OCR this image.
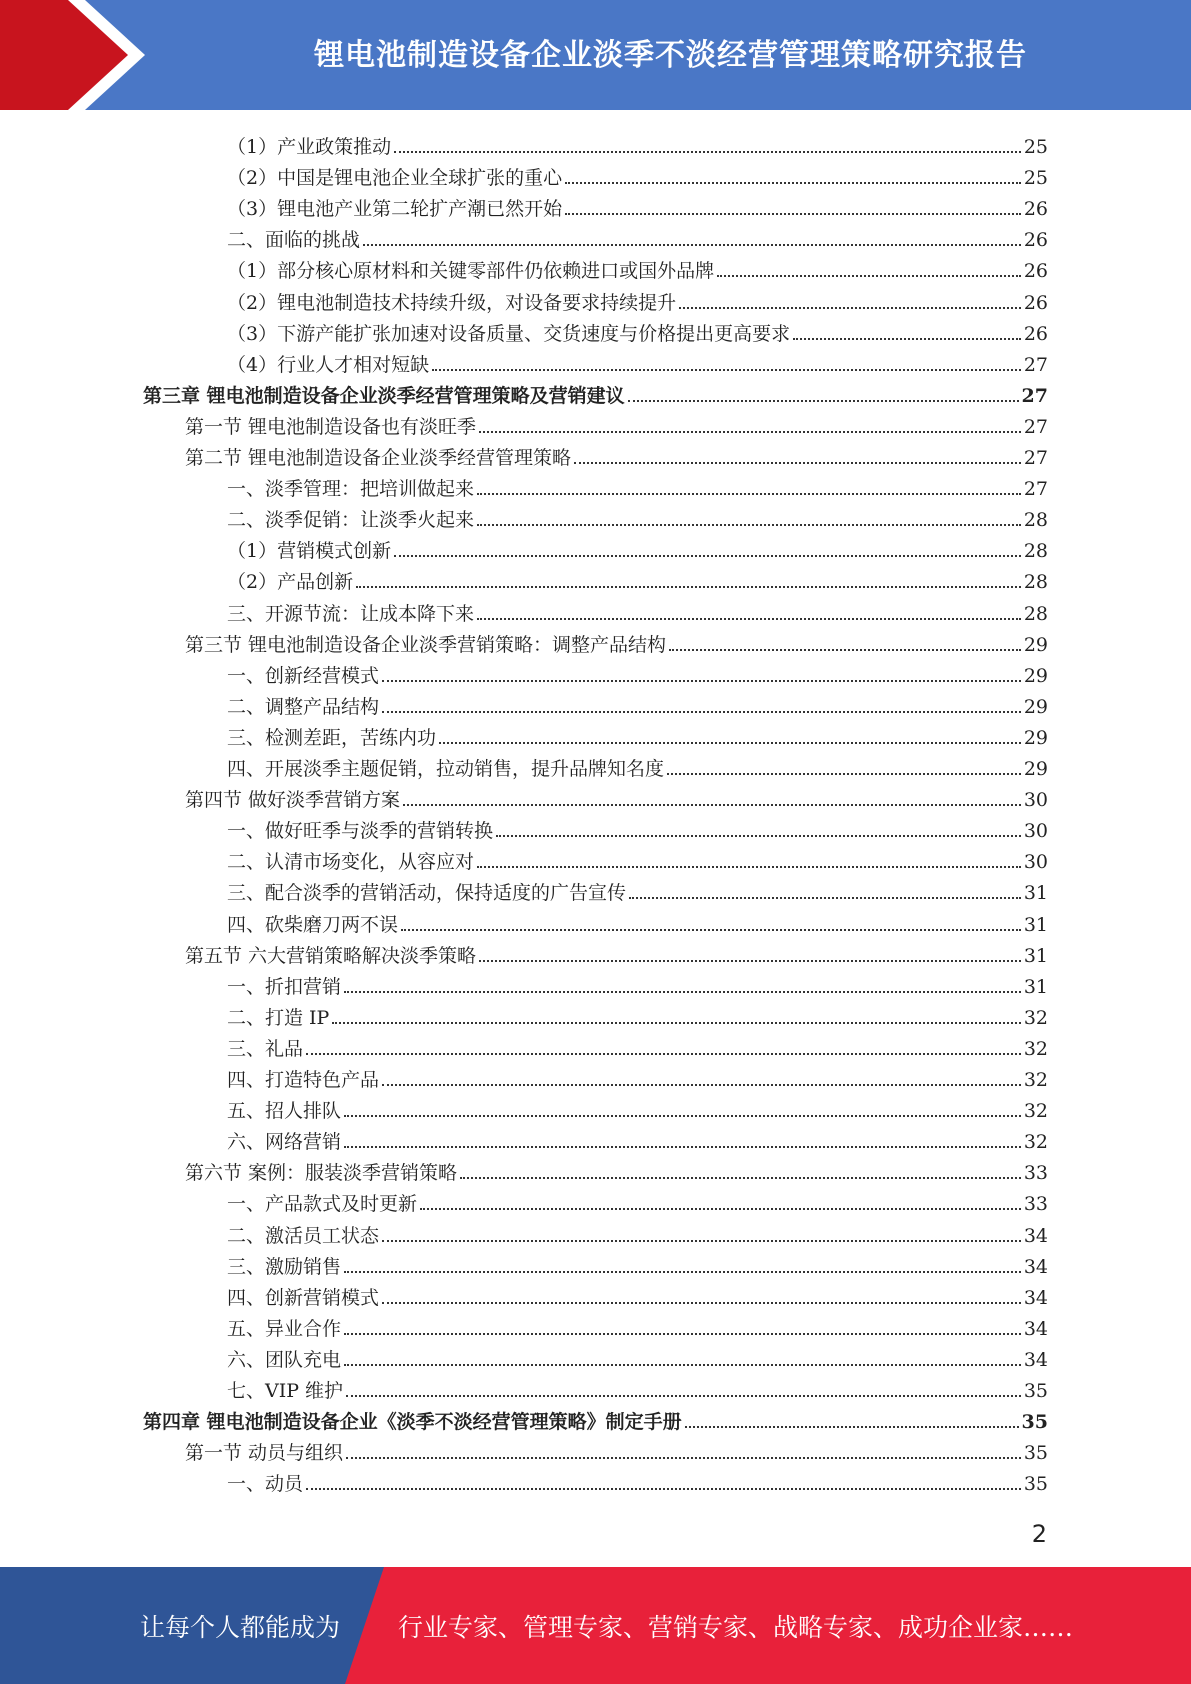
锂电池制造设备企业淡季不淡经营管理策略研究报告
（1）产业政策推动	25
（2）中国是锂电池企业全球扩张的重心	25
（3）锂电池产业第二轮扩产潮已然开始	26
二、面临的挑战	26
（1）部分核心原材料和关键零部件仍依赖进口或国外品牌	26
（2）锂电池制造技术持续升级，对设备要求持续提升	26
（3）下游产能扩张加速对设备质量、交货速度与价格提出更高要求	26
（4）行业人才相对短缺	27
第三章 锂电池制造设备企业淡季经营管理策略及营销建议	27
第一节 锂电池制造设备也有淡旺季	27
第二节 锂电池制造设备企业淡季经营管理策略	27
一、淡季管理：把培训做起来	27
二、淡季促销：让淡季火起来	28
（1）营销模式创新	28
（2）产品创新	28
三、开源节流：让成本降下来	28
第三节 锂电池制造设备企业淡季营销策略：调整产品结构	29
一、创新经营模式	29
二、调整产品结构	29
三、检测差距，苦练内功	29
四、开展淡季主题促销，拉动销售，提升品牌知名度	29
第四节 做好淡季营销方案	30
一、做好旺季与淡季的营销转换	30
二、认清市场变化，从容应对	30
三、配合淡季的营销活动，保持适度的广告宣传	31
四、砍柴磨刀两不误	31
第五节 六大营销策略解决淡季策略	31
一、折扣营销	31
二、打造 IP	32
三、礼品	32
四、打造特色产品	32
五、招人排队	32
六、网络营销	32
第六节 案例：服装淡季营销策略	33
一、产品款式及时更新	33
二、激活员工状态	34
三、激励销售	34
四、创新营销模式	34
五、异业合作	34
六、团队充电	34
七、VIP 维护	35
第四章 锂电池制造设备企业《淡季不淡经营管理策略》制定手册	35
第一节 动员与组织	35
一、动员	35
2
让每个人都能成为 行业专家、管理专家、营销专家、战略专家、成功企业家……
